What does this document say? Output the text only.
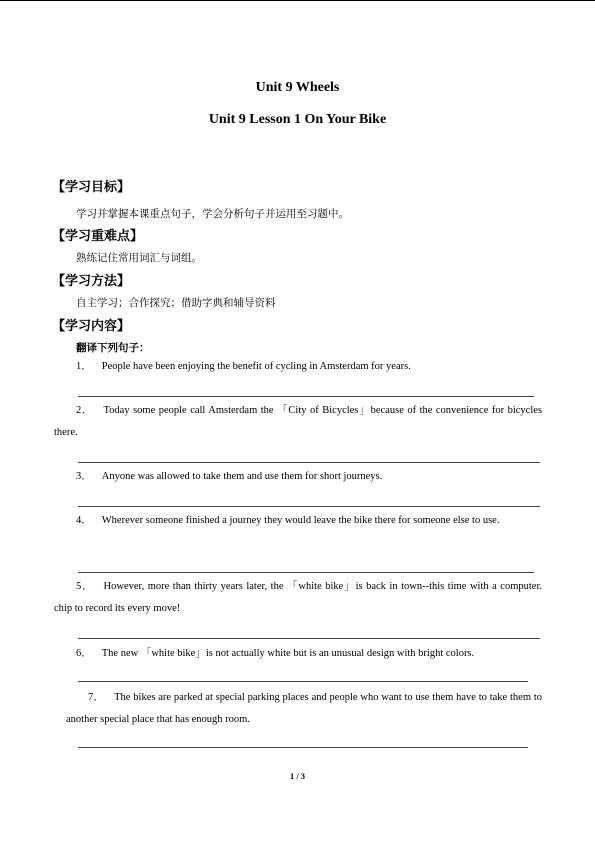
Unit 9 Wheels
Unit 9 Lesson 1 On Your Bike
【学习目标】
学习并掌握本课重点句子，学会分析句子并运用至习题中。
【学习重难点】
熟练记住常用词汇与词组。
【学习方法】
自主学习；合作探究；借助字典和辅导资料
【学习内容】
翻译下列句子：
1． People have been enjoying the benefit of cycling in Amsterdam for years.
2． Today some people call Amsterdam the 「City of Bicycles」because of the convenience for bicycles there.
3． Anyone was allowed to take them and use them for short journeys.
4． Wherever someone finished a journey they would leave the bike there for someone else to use.
5． However, more than thirty years later, the 「white bike」is back in town--this time with a computer. chip to record its every move!
6． The new 「white bike」is not actually white but is an unusual design with bright colors.
7． The bikes are parked at special parking places and people who want to use them have to take them to another special place that has enough room.
1 / 3
